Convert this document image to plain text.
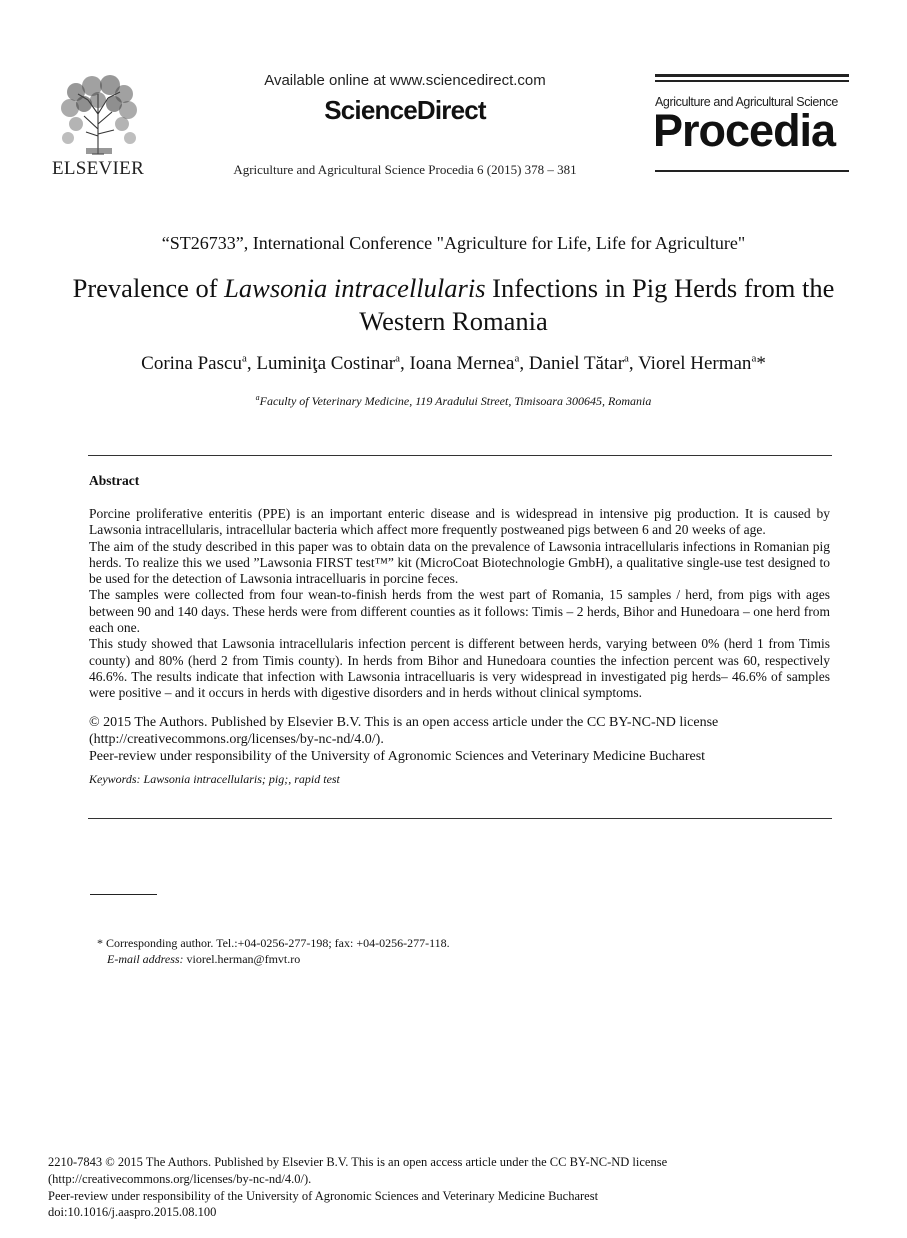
ELSEVIER
Available online at www.sciencedirect.com
ScienceDirect
Agriculture and Agricultural Science Procedia 6 (2015) 378 – 381
Agriculture and Agricultural Science
Procedia
“ST26733”, International Conference "Agriculture for Life, Life for Agriculture"
Prevalence of Lawsonia intracellularis Infections in Pig Herds from the Western Romania
Corina Pascu$^a$, Luminiţa Costinar$^a$, Ioana Mernea$^a$, Daniel Tătar$^a$, Viorel Herman$^a$*
$^a$Faculty of Veterinary Medicine, 119 Aradului Street, Timisoara 300645, Romania
Abstract

Porcine proliferative enteritis (PPE) is an important enteric disease and is widespread in intensive pig production. It is caused by Lawsonia intracellularis, intracellular bacteria which affect more frequently postweaned pigs between 6 and 20 weeks of age.

The aim of the study described in this paper was to obtain data on the prevalence of Lawsonia intracellularis infections in Romanian pig herds. To realize this we used ”Lawsonia FIRST test™” kit (MicroCoat Biotechnologie GmbH), a qualitative single-use test designed to be used for the detection of Lawsonia intracelluaris in porcine feces.

The samples were collected from four wean-to-finish herds from the west part of Romania, 15 samples / herd, from pigs with ages between 90 and 140 days. These herds were from different counties as it follows: Timis – 2 herds, Bihor and Hunedoara – one herd from each one.

This study showed that Lawsonia intracellularis infection percent is different between herds, varying between 0% (herd 1 from Timis county) and 80% (herd 2 from Timis county). In herds from Bihor and Hunedoara counties the infection percent was 60, respectively 46.6%. The results indicate that infection with Lawsonia intracelluaris is very widespread in investigated pig herds– 46.6% of samples were positive – and it occurs in herds with digestive disorders and in herds without clinical symptoms.

© 2015 The Authors. Published by Elsevier B.V. This is an open access article under the CC BY-NC-ND license

(http://creativecommons.org/licenses/by-nc-nd/4.0/).

Peer-review under responsibility of the University of Agronomic Sciences and Veterinary Medicine Bucharest

Keywords: Lawsonia intracellularis; pig;, rapid test

* Corresponding author. Tel.:+04-0256-277-198; fax: +04-0256-277-118.

E-mail address: viorel.herman@fmvt.ro

2210-7843 © 2015 The Authors. Published by Elsevier B.V. This is an open access article under the CC BY-NC-ND license

(http://creativecommons.org/licenses/by-nc-nd/4.0/).

Peer-review under responsibility of the University of Agronomic Sciences and Veterinary Medicine Bucharest

doi:10.1016/j.aaspro.2015.08.100
